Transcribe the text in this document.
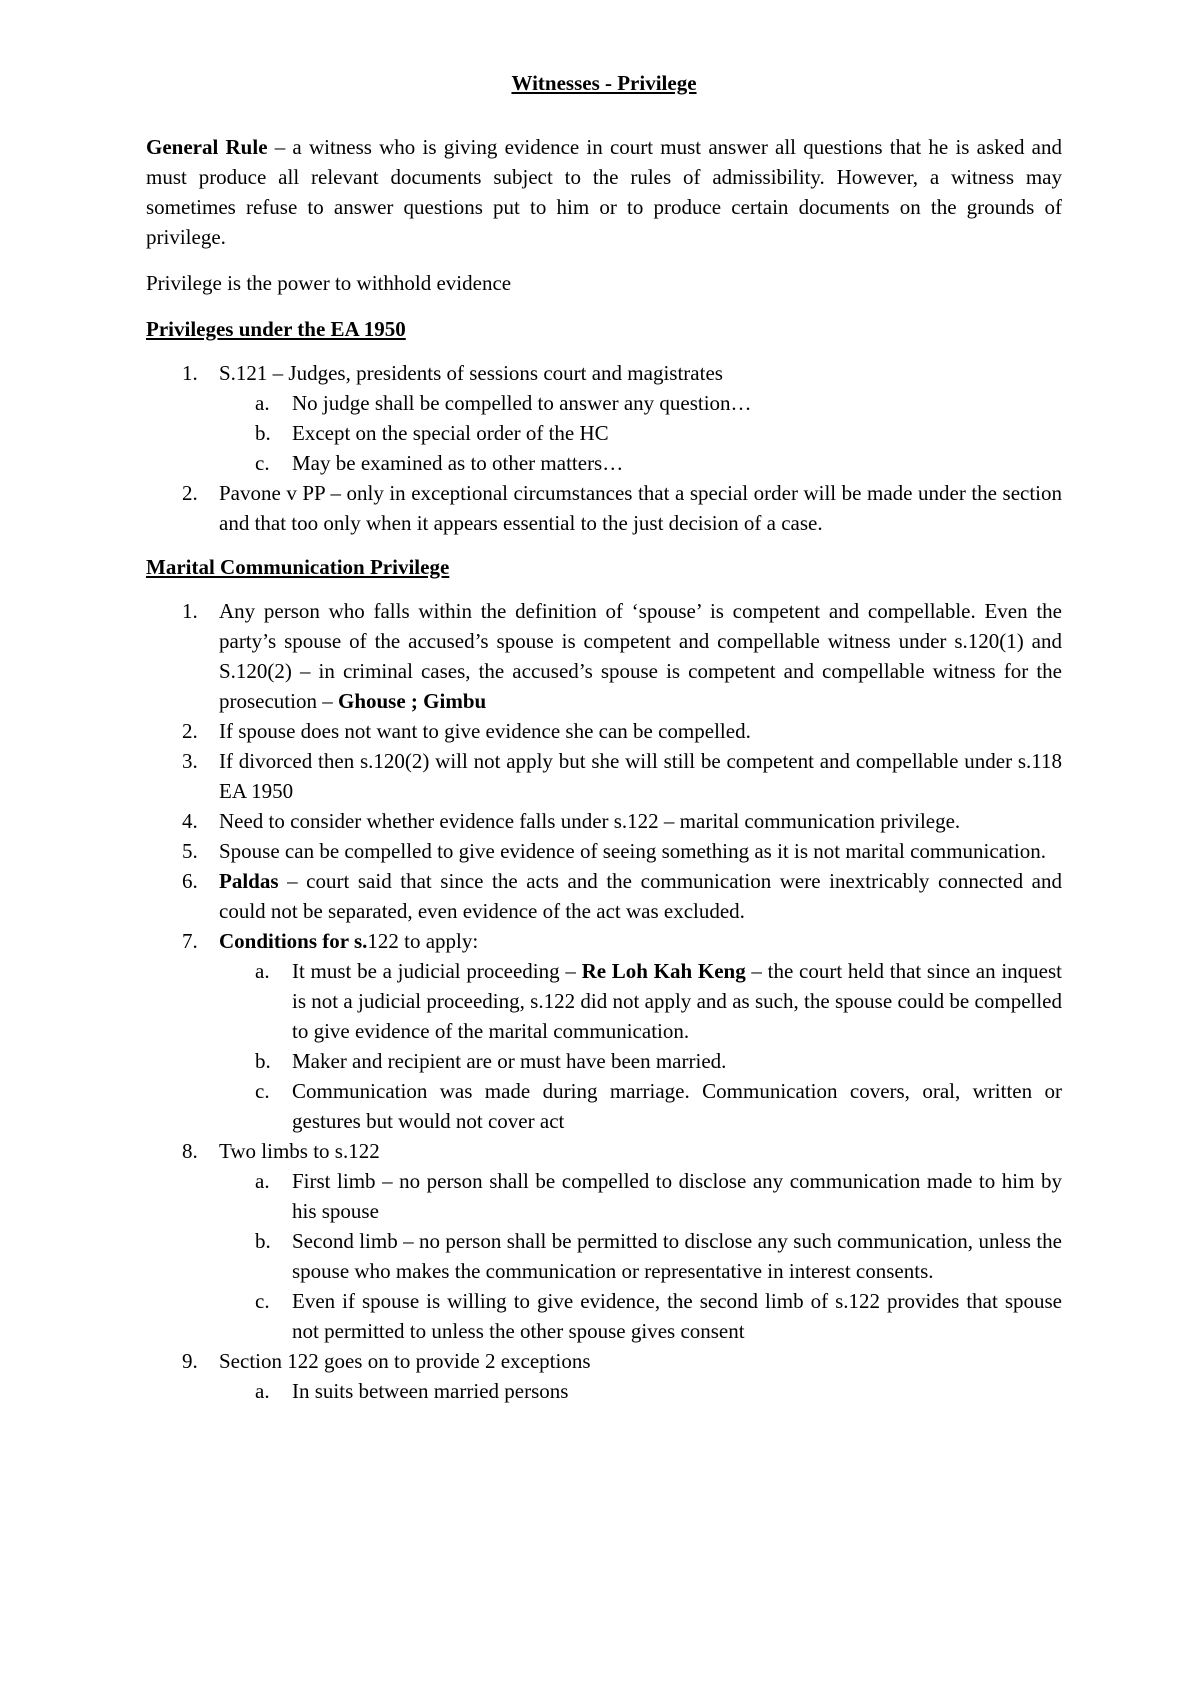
Witnesses - Privilege

General Rule – a witness who is giving evidence in court must answer all questions that he is asked and must produce all relevant documents subject to the rules of admissibility. However, a witness may sometimes refuse to answer questions put to him or to produce certain documents on the grounds of privilege.

Privilege is the power to withhold evidence

Privileges under the EA 1950
1. S.121 – Judges, presidents of sessions court and magistrates
a. No judge shall be compelled to answer any question…
b. Except on the special order of the HC
c. May be examined as to other matters…
2. Pavone v PP – only in exceptional circumstances that a special order will be made under the section and that too only when it appears essential to the just decision of a case.
Marital Communication Privilege
1. Any person who falls within the definition of ‘spouse’ is competent and compellable. Even the party’s spouse of the accused’s spouse is competent and compellable witness under s.120(1) and S.120(2) – in criminal cases, the accused’s spouse is competent and compellable witness for the prosecution – Ghouse ; Gimbu
2. If spouse does not want to give evidence she can be compelled.
3. If divorced then s.120(2) will not apply but she will still be competent and compellable under s.118 EA 1950
4. Need to consider whether evidence falls under s.122 – marital communication privilege.
5. Spouse can be compelled to give evidence of seeing something as it is not marital communication.
6. Paldas – court said that since the acts and the communication were inextricably connected and could not be separated, even evidence of the act was excluded.
7. Conditions for s.122 to apply:
a. It must be a judicial proceeding – Re Loh Kah Keng – the court held that since an inquest is not a judicial proceeding, s.122 did not apply and as such, the spouse could be compelled to give evidence of the marital communication.
b. Maker and recipient are or must have been married.
c. Communication was made during marriage. Communication covers, oral, written or gestures but would not cover act
8. Two limbs to s.122
a. First limb – no person shall be compelled to disclose any communication made to him by his spouse
b. Second limb – no person shall be permitted to disclose any such communication, unless the spouse who makes the communication or representative in interest consents.
c. Even if spouse is willing to give evidence, the second limb of s.122 provides that spouse not permitted to unless the other spouse gives consent
9. Section 122 goes on to provide 2 exceptions
a. In suits between married persons
